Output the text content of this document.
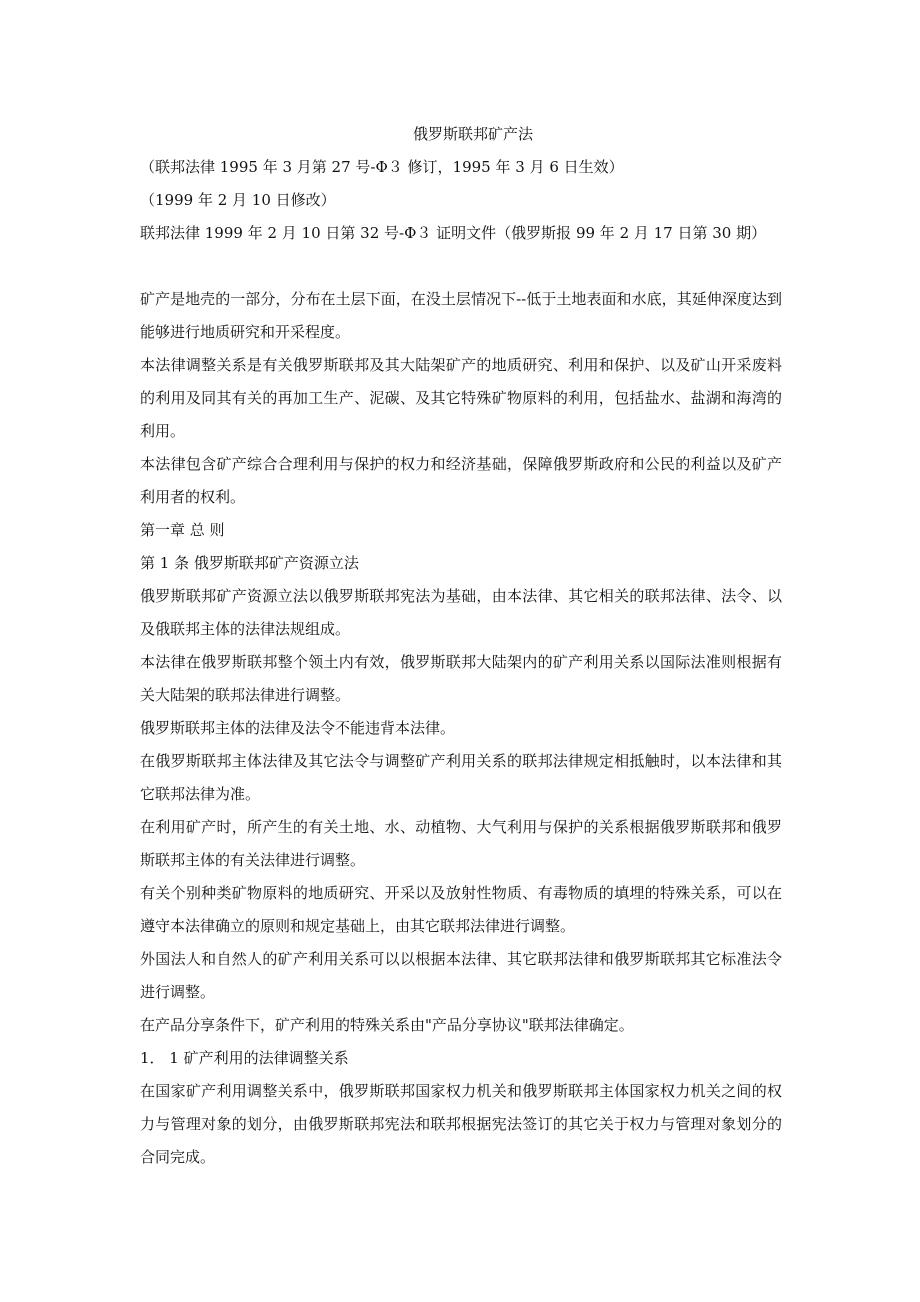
俄罗斯联邦矿产法
（联邦法律 1995 年 3 月第 27 号-Φ３ 修订，1995 年 3 月 6 日生效）
（1999 年 2 月 10 日修改）
联邦法律 1999 年 2 月 10 日第 32 号-Φ３ 证明文件（俄罗斯报 99 年 2 月 17 日第 30 期）

矿产是地壳的一部分，分布在土层下面，在没土层情况下--低于土地表面和水底，其延伸深度达到能够进行地质研究和开采程度。

本法律调整关系是有关俄罗斯联邦及其大陆架矿产的地质研究、利用和保护、以及矿山开采废料的利用及同其有关的再加工生产、泥碳、及其它特殊矿物原料的利用，包括盐水、盐湖和海湾的利用。

本法律包含矿产综合合理利用与保护的权力和经济基础，保障俄罗斯政府和公民的利益以及矿产利用者的权利。

第一章 总 则

第 1 条 俄罗斯联邦矿产资源立法

俄罗斯联邦矿产资源立法以俄罗斯联邦宪法为基础，由本法律、其它相关的联邦法律、法令、以及俄联邦主体的法律法规组成。

本法律在俄罗斯联邦整个领土内有效，俄罗斯联邦大陆架内的矿产利用关系以国际法准则根据有关大陆架的联邦法律进行调整。

俄罗斯联邦主体的法律及法令不能违背本法律。

在俄罗斯联邦主体法律及其它法令与调整矿产利用关系的联邦法律规定相抵触时，以本法律和其它联邦法律为准。

在利用矿产时，所产生的有关土地、水、动植物、大气利用与保护的关系根据俄罗斯联邦和俄罗斯联邦主体的有关法律进行调整。

有关个别种类矿物原料的地质研究、开采以及放射性物质、有毒物质的填埋的特殊关系，可以在遵守本法律确立的原则和规定基础上，由其它联邦法律进行调整。

外国法人和自然人的矿产利用关系可以以根据本法律、其它联邦法律和俄罗斯联邦其它标准法令进行调整。

在产品分享条件下，矿产利用的特殊关系由"产品分享协议"联邦法律确定。

1． 1 矿产利用的法律调整关系

在国家矿产利用调整关系中，俄罗斯联邦国家权力机关和俄罗斯联邦主体国家权力机关之间的权力与管理对象的划分，由俄罗斯联邦宪法和联邦根据宪法签订的其它关于权力与管理对象划分的合同完成。
